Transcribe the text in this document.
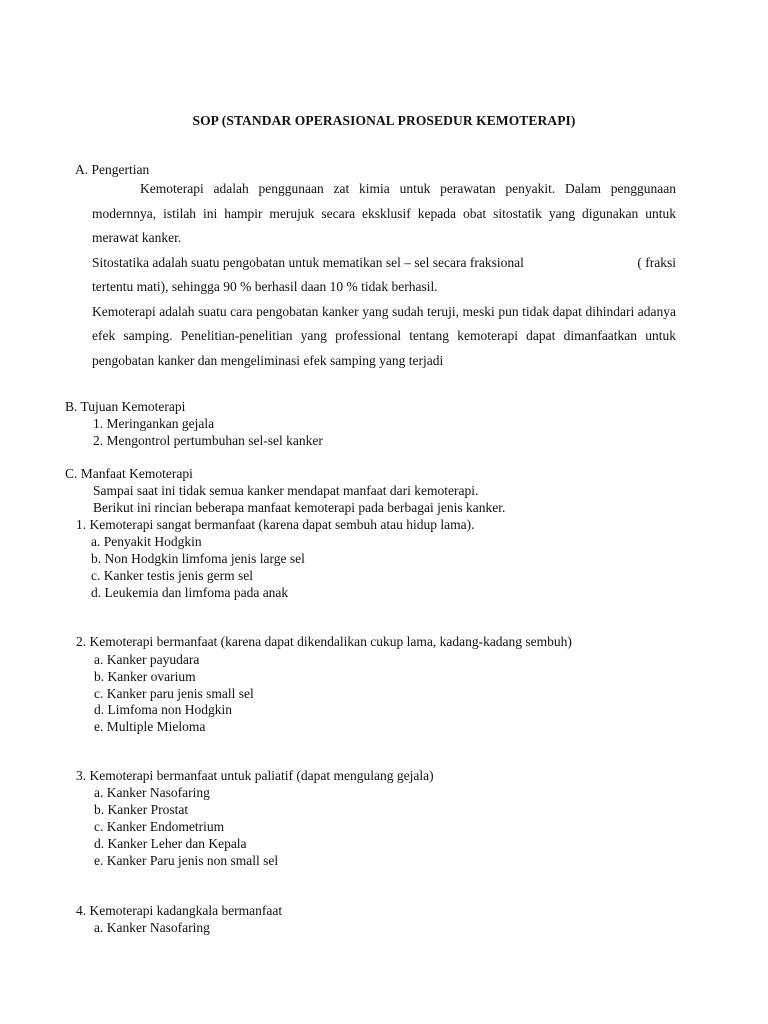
SOP (STANDAR OPERASIONAL PROSEDUR KEMOTERAPI)
A. Pengertian

Kemoterapi adalah penggunaan zat kimia untuk perawatan penyakit. Dalam penggunaan modernnya, istilah ini hampir merujuk secara eksklusif kepada obat sitostatik yang digunakan untuk merawat kanker.

Sitostatika adalah suatu pengobatan untuk mematikan sel – sel secara fraksional	( fraksi

tertentu mati), sehingga 90 % berhasil daan 10 % tidak berhasil.

Kemoterapi adalah suatu cara pengobatan kanker yang sudah teruji, meski pun tidak dapat dihindari adanya efek samping. Penelitian-penelitian yang professional tentang kemoterapi dapat dimanfaatkan untuk pengobatan kanker dan mengeliminasi efek samping yang terjadi

B. Tujuan Kemoterapi
1. Meringankan gejala
2. Mengontrol pertumbuhan sel-sel kanker
C. Manfaat Kemoterapi
Sampai saat ini tidak semua kanker mendapat manfaat dari kemoterapi.
Berikut ini rincian beberapa manfaat kemoterapi pada berbagai jenis kanker.
1. Kemoterapi sangat bermanfaat (karena dapat sembuh atau hidup lama).
a. Penyakit Hodgkin
b. Non Hodgkin limfoma jenis large sel
c. Kanker testis jenis germ sel
d. Leukemia dan limfoma pada anak
2. Kemoterapi bermanfaat (karena dapat dikendalikan cukup lama, kadang-kadang sembuh)
a. Kanker payudara
b. Kanker ovarium
c. Kanker paru jenis small sel
d. Limfoma non Hodgkin
e. Multiple Mieloma
3. Kemoterapi bermanfaat untuk paliatif (dapat mengulang gejala)
a. Kanker Nasofaring
b. Kanker Prostat
c. Kanker Endometrium
d. Kanker Leher dan Kepala
e. Kanker Paru jenis non small sel
4. Kemoterapi kadangkala bermanfaat
a. Kanker Nasofaring
